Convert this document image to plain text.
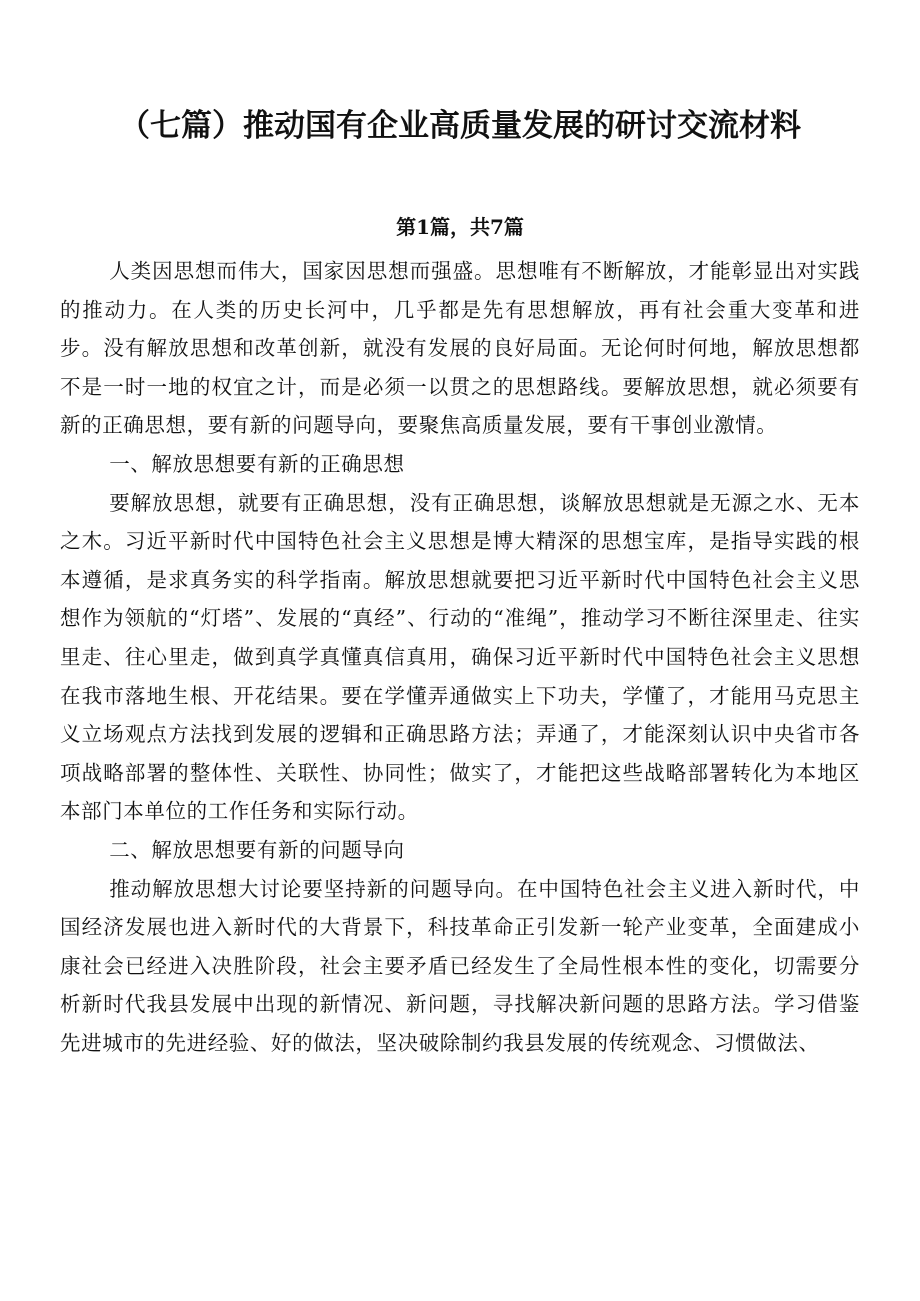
（七篇）推动国有企业高质量发展的研讨交流材料
第1篇，共7篇

人类因思想而伟大，国家因思想而强盛。思想唯有不断解放，才能彰显出对实践的推动力。在人类的历史长河中，几乎都是先有思想解放，再有社会重大变革和进步。没有解放思想和改革创新，就没有发展的良好局面。无论何时何地，解放思想都不是一时一地的权宜之计，而是必须一以贯之的思想路线。要解放思想，就必须要有新的正确思想，要有新的问题导向，要聚焦高质量发展，要有干事创业激情。

一、解放思想要有新的正确思想

要解放思想，就要有正确思想，没有正确思想，谈解放思想就是无源之水、无本之木。习近平新时代中国特色社会主义思想是博大精深的思想宝库，是指导实践的根本遵循，是求真务实的科学指南。解放思想就要把习近平新时代中国特色社会主义思想作为领航的“灯塔”、发展的“真经”、行动的“准绳”，推动学习不断往深里走、往实里走、往心里走，做到真学真懂真信真用，确保习近平新时代中国特色社会主义思想在我市落地生根、开花结果。要在学懂弄通做实上下功夫，学懂了，才能用马克思主义立场观点方法找到发展的逻辑和正确思路方法；弄通了，才能深刻认识中央省市各项战略部署的整体性、关联性、协同性；做实了，才能把这些战略部署转化为本地区本部门本单位的工作任务和实际行动。

二、解放思想要有新的问题导向

推动解放思想大讨论要坚持新的问题导向。在中国特色社会主义进入新时代，中国经济发展也进入新时代的大背景下，科技革命正引发新一轮产业变革，全面建成小康社会已经进入决胜阶段，社会主要矛盾已经发生了全局性根本性的变化，切需要分析新时代我县发展中出现的新情况、新问题，寻找解决新问题的思路方法。学习借鉴先进城市的先进经验、好的做法，坚决破除制约我县发展的传统观念、习惯做法、
